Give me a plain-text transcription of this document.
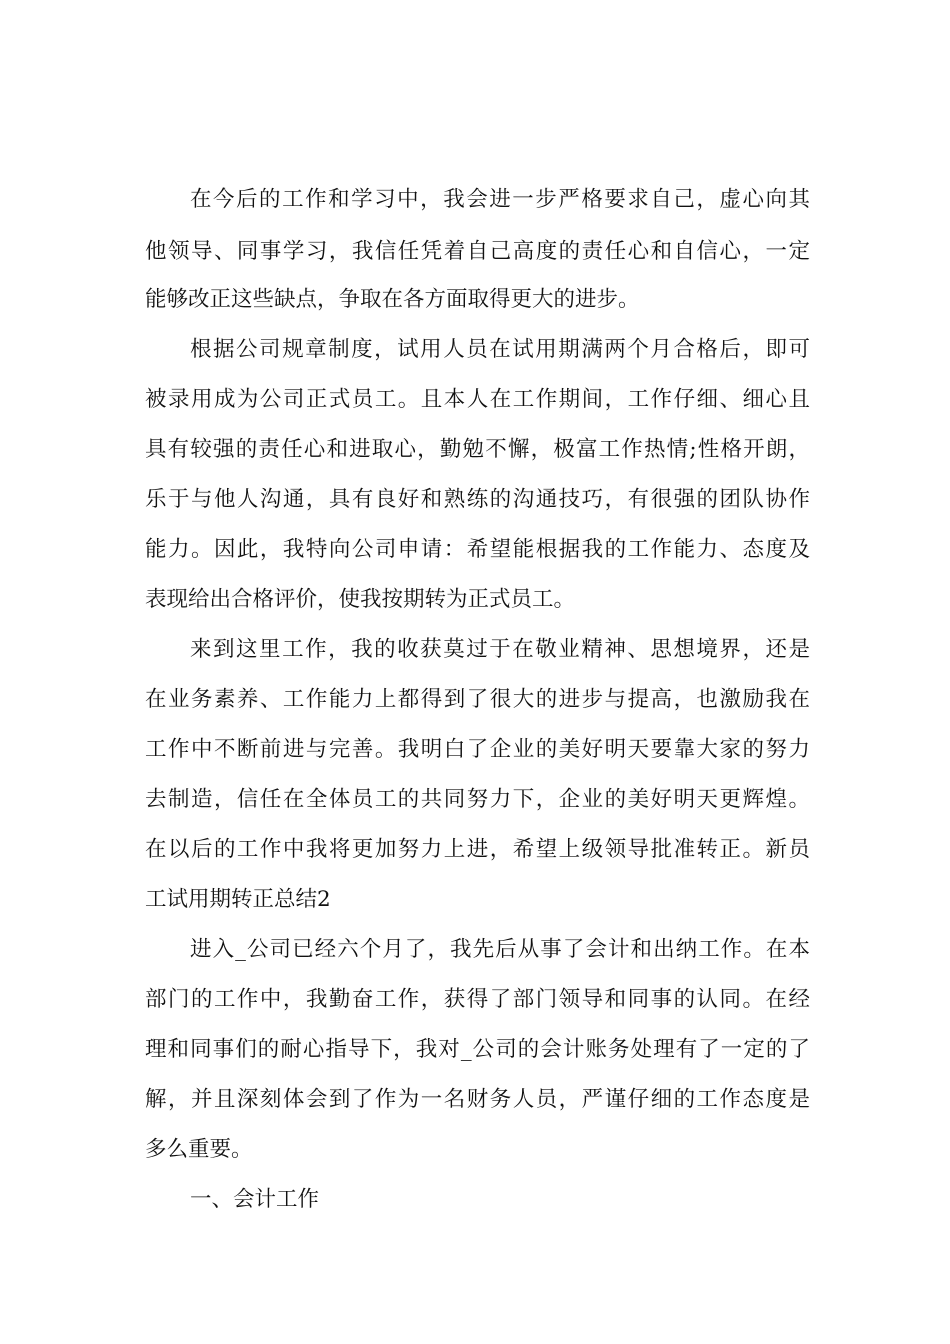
在今后的工作和学习中，我会进一步严格要求自己，虚心向其
他领导、同事学习，我信任凭着自己高度的责任心和自信心，一定
能够改正这些缺点，争取在各方面取得更大的进步。
根据公司规章制度，试用人员在试用期满两个月合格后，即可
被录用成为公司正式员工。且本人在工作期间，工作仔细、细心且
具有较强的责任心和进取心，勤勉不懈，极富工作热情;性格开朗，
乐于与他人沟通，具有良好和熟练的沟通技巧，有很强的团队协作
能力。因此，我特向公司申请：希望能根据我的工作能力、态度及
表现给出合格评价，使我按期转为正式员工。
来到这里工作，我的收获莫过于在敬业精神、思想境界，还是
在业务素养、工作能力上都得到了很大的进步与提高，也激励我在
工作中不断前进与完善。我明白了企业的美好明天要靠大家的努力
去制造，信任在全体员工的共同努力下，企业的美好明天更辉煌。
在以后的工作中我将更加努力上进，希望上级领导批准转正。新员
工试用期转正总结2
进入_公司已经六个月了，我先后从事了会计和出纳工作。在本
部门的工作中，我勤奋工作，获得了部门领导和同事的认同。在经
理和同事们的耐心指导下，我对_公司的会计账务处理有了一定的了
解，并且深刻体会到了作为一名财务人员，严谨仔细的工作态度是
多么重要。
一、会计工作
